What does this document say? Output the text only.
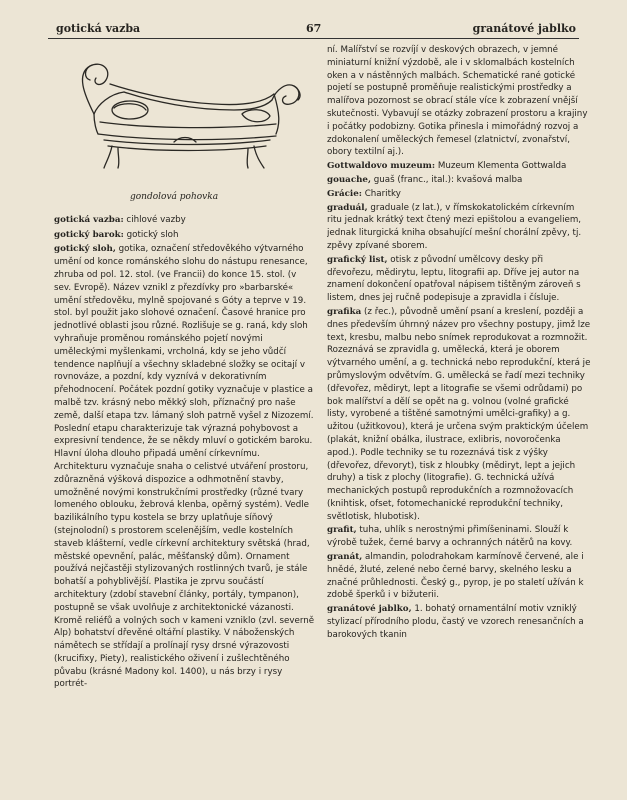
gotická vazba	67	granátové jablko
gondolová pohovka

gotická vazba: cihlové vazby

gotický barok: gotický sloh

gotický sloh, gotika, označení středověkého výtvarného umění od konce románského slohu do nástupu renesance, zhruba od pol. 12. stol. (ve Francii) do konce 15. stol. (v sev. Evropě). Název vznikl z přezdívky pro »barbarské« umění středověku, mylně spojované s Góty a teprve v 19. stol. byl použit jako slohové označení. Časové hranice pro jednotlivé oblasti jsou různé. Rozlišuje se g. raná, kdy sloh vyhraňuje proměnou románského pojetí novými uměleckými myšlenkami, vrcholná, kdy se jeho vůdčí tendence naplňují a všechny skladebné složky se ocitají v rovnováze, a pozdní, kdy vyznívá v dekorativním přehodnocení. Počátek pozdní gotiky vyznačuje v plastice a malbě tzv. krásný nebo měkký sloh, příznačný pro naše země, další etapa tzv. lámaný sloh patrně vyšel z Nizozemí. Poslední etapu charakterizuje tak výrazná pohybovost a expresivní tendence, že se někdy mluví o gotickém baroku. Hlavní úloha dlouho připadá umění církevnímu. Architekturu vyznačuje snaha o celistvé utváření prostoru, zdůrazněná výšková dispozice a odhmotnění stavby, umožněné novými konstrukčními prostředky (různé tvary lomeného oblouku, žebrová klenba, opěrný systém). Vedle bazilikálního typu kostela se brzy uplatňuje síňový (stejnolodní) s prostorem scelenějším, vedle kostelních staveb klášterní, vedle církevní architektury světská (hrad, městské opevnění, palác, měšťanský dům). Ornament používá nejčastěji stylizovaných rostlinných tvarů, je stále bohatší a pohyblivější. Plastika je zprvu součástí architektury (zdobí stavební články, portály, tympanon), postupně se však uvolňuje z architektonické vázanosti. Kromě reliéfů a volných soch v kameni vzniklo (zvl. severně Alp) bohatství dřevěné oltářní plastiky. V náboženských námětech se střídají a prolínají rysy drsné výrazovosti (krucifixy, Piety), realistického oživení i zušlechtěného půvabu (krásné Madony kol. 1400), u nás brzy i rysy portrét-

ní. Malířství se rozvíjí v deskových obrazech, v jemné miniaturní knižní výzdobě, ale i v sklomalbách kostelních oken a v nástěnných malbách. Schematické rané gotické pojetí se postupně proměňuje realistickými prostředky a malířova pozornost se obrací stále více k zobrazení vnější skutečnosti. Vybavují se otázky zobrazení prostoru a krajiny i počátky podobizny. Gotika přinesla i mimořádný rozvoj a zdokonalení uměleckých řemesel (zlatnictví, zvonařství, obory textilní aj.).

Gottwaldovo muzeum: Muzeum Klementa Gottwalda

gouache, guaš (franc., ital.): kvašová malba

Grácie: Charitky

graduál, graduale (z lat.), v římskokatolickém církevním ritu jednak krátký text čtený mezi epištolou a evangeliem, jednak liturgická kniha obsahující mešní chorální zpěvy, tj. zpěvy zpívané sborem.

grafický list, otisk z původní umělcovy desky při dřevořezu, mědirytu, leptu, litografii ap. Dříve jej autor na znamení dokončení opatřoval nápisem tištěným zároveň s listem, dnes jej ručně podepisuje a zpravidla i čísluje.

grafika (z řec.), původně umění psaní a kreslení, později a dnes především úhrnný název pro všechny postupy, jimž lze text, kresbu, malbu nebo snímek reprodukovat a rozmnožit. Rozeznává se zpravidla g. umělecká, která je oborem výtvarného umění, a g. technická nebo reprodukční, která je průmyslovým odvětvím. G. umělecká se řadí mezi techniky (dřevořez, mědiryt, lept a litografie se všemi odrůdami) po bok malířství a dělí se opět na g. volnou (volné grafické listy, vyrobené a tištěné samotnými umělci-grafiky) a g. užitou (užitkovou), která je určena svým praktickým účelem (plakát, knižní obálka, ilustrace, exlibris, novoročenka apod.). Podle techniky se tu rozeznává tisk z výšky (dřevořez, dřevoryt), tisk z hloubky (mědiryt, lept a jejich druhy) a tisk z plochy (litografie). G. technická užívá mechanických postupů reprodukčních a rozmnožovacích (knihtisk, ofset, fotomechanické reprodukční techniky, světlotisk, hlubotisk).

grafit, tuha, uhlík s nerostnými přimíšeninami. Slouží k výrobě tužek, černé barvy a ochranných nátěrů na kovy.

granát, almandin, polodrahokam karmínově červené, ale i hnědé, žluté, zelené nebo černé barvy, skelného lesku a značné průhlednosti. Český g., pyrop, je po staletí užíván k zdobě šperků i v bižuterii.

granátové jablko, 1. bohatý ornamentální motiv vzniklý stylizací přírodního plodu, častý ve vzorech renesančních a barokových tkanin
